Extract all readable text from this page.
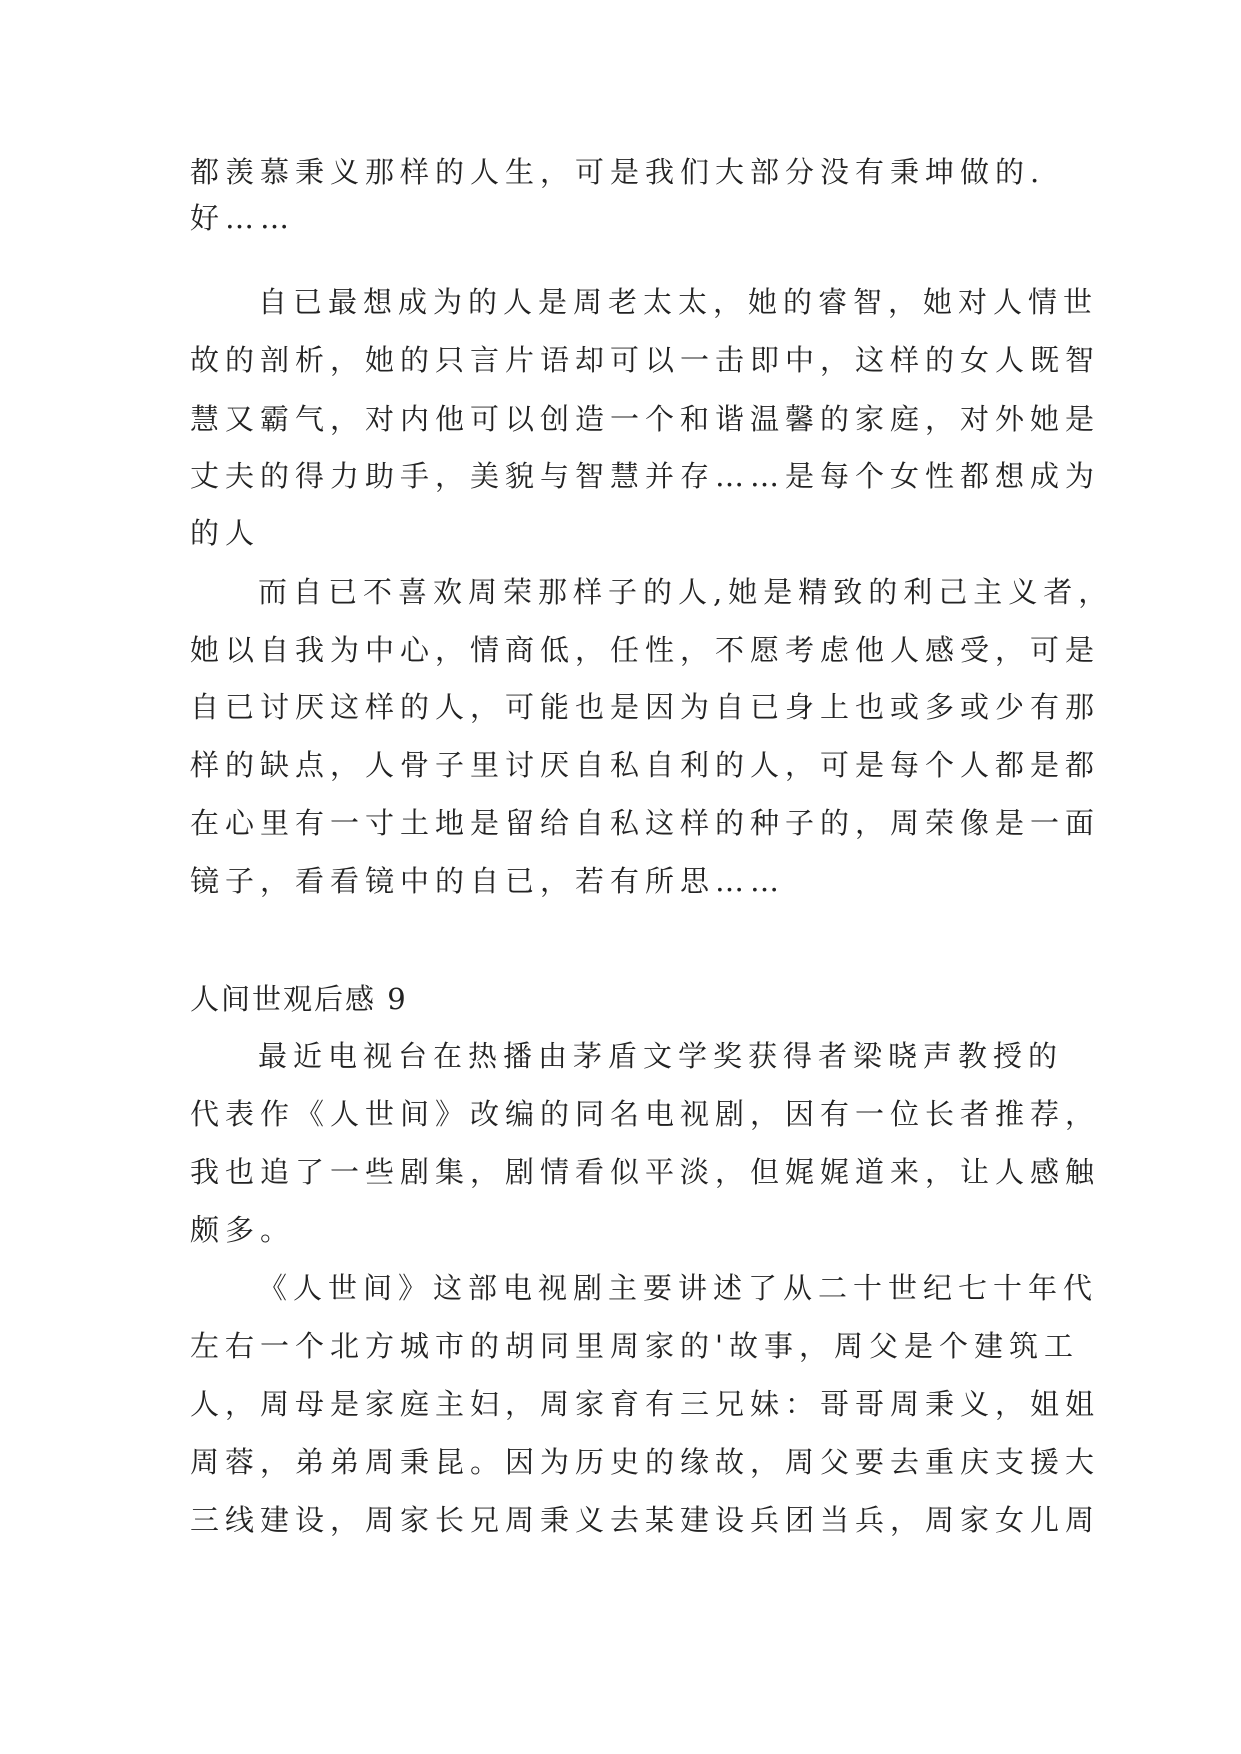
都羡慕秉义那样的人生，可是我们大部分没有秉坤做的.
好……
自已最想成为的人是周老太太，她的睿智，她对人情世
故的剖析，她的只言片语却可以一击即中，这样的女人既智
慧又霸气，对内他可以创造一个和谐温馨的家庭，对外她是
丈夫的得力助手，美貌与智慧并存……是每个女性都想成为
的人
而自已不喜欢周荣那样子的人,她是精致的利己主义者，
她以自我为中心，情商低，任性，不愿考虑他人感受，可是
自已讨厌这样的人，可能也是因为自已身上也或多或少有那
样的缺点，人骨子里讨厌自私自利的人，可是每个人都是都
在心里有一寸土地是留给自私这样的种子的，周荣像是一面
镜子，看看镜中的自已，若有所思……
人间世观后感 9
最近电视台在热播由茅盾文学奖获得者梁晓声教授的
代表作《人世间》改编的同名电视剧，因有一位长者推荐，
我也追了一些剧集，剧情看似平淡，但娓娓道来，让人感触
颇多。
《人世间》这部电视剧主要讲述了从二十世纪七十年代
左右一个北方城市的胡同里周家的'故事，周父是个建筑工
人，周母是家庭主妇，周家育有三兄妹：哥哥周秉义，姐姐
周蓉，弟弟周秉昆。因为历史的缘故，周父要去重庆支援大
三线建设，周家长兄周秉义去某建设兵团当兵，周家女儿周
